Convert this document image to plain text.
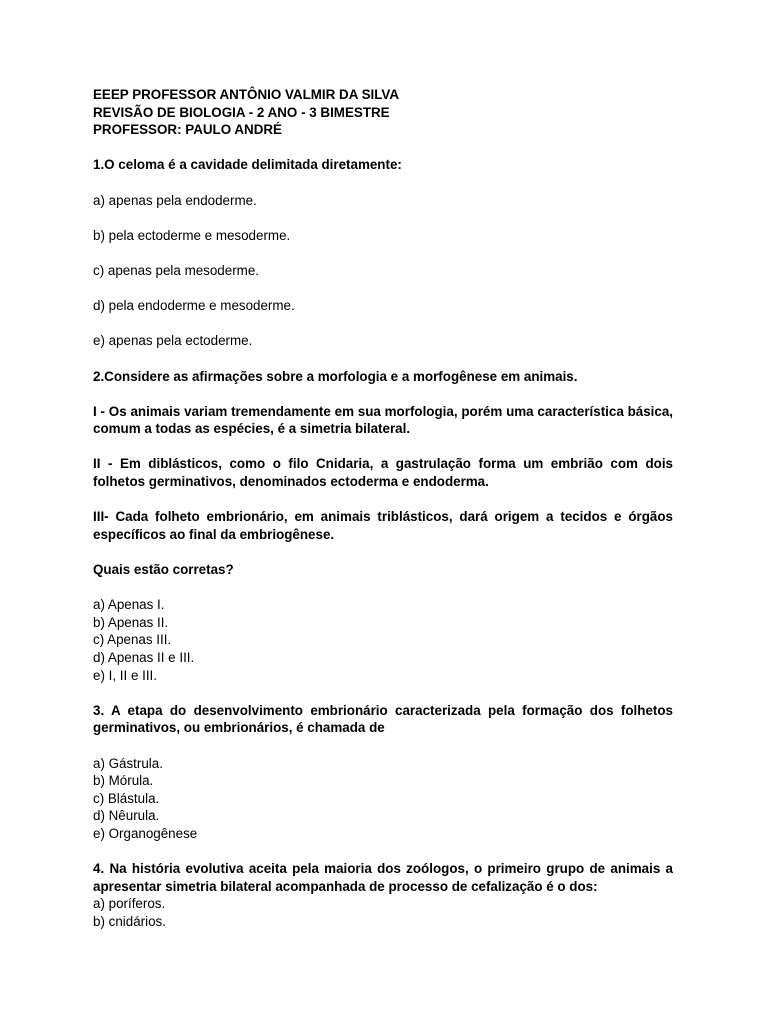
EEEP PROFESSOR ANTÔNIO VALMIR DA SILVA
REVISÃO DE BIOLOGIA - 2 ANO - 3 BIMESTRE
PROFESSOR: PAULO ANDRÉ
1.O celoma é a cavidade delimitada diretamente:
a) apenas pela endoderme.
b) pela ectoderme e mesoderme.
c) apenas pela mesoderme.
d) pela endoderme e mesoderme.
e) apenas pela ectoderme.
2.Considere as afirmações sobre a morfologia e a morfogênese em animais.

I - Os animais variam tremendamente em sua morfologia, porém uma característica básica, comum a todas as espécies, é a simetria bilateral.

II - Em diblásticos, como o filo Cnidaria, a gastrulação forma um embrião com dois folhetos germinativos, denominados ectoderma e endoderma.

III- Cada folheto embrionário, em animais triblásticos, dará origem a tecidos e órgãos específicos ao final da embriogênese.

Quais estão corretas?
a) Apenas I.
b) Apenas II.
c) Apenas III.
d) Apenas II e III.
e) I, II e III.

3. A etapa do desenvolvimento embrionário caracterizada pela formação dos folhetos germinativos, ou embrionários, é chamada de

a) Gástrula.
b) Mórula.
c) Blástula.
d) Nêurula.
e) Organogênese

4. Na história evolutiva aceita pela maioria dos zoólogos, o primeiro grupo de animais a apresentar simetria bilateral acompanhada de processo de cefalização é o dos:

a) poríferos.
b) cnidários.
